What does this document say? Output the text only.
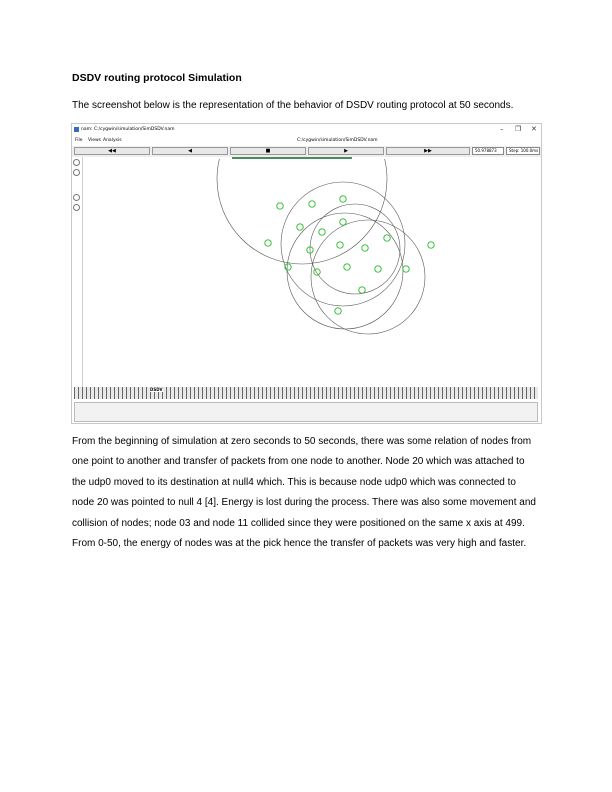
DSDV routing protocol Simulation
The screenshot below is the representation of the behavior of DSDV routing protocol at 50 seconds.
nam: C:/cygwin/simulation/SimDSDV.nam	– ❐ ✕
File Views Analysis	C:/cygwin/simulation/SimDSDV.nam
◀◀	◀	■	▶	▶▶	50.978873	Step: 100.0ms
DSDV
From the beginning of simulation at zero seconds to 50 seconds, there was some relation of nodes from
one point to another and transfer of packets from one node to another. Node 20 which was attached to
the udp0 moved to its destination at null4 which. This is because node udp0 which was connected to
node 20 was pointed to null 4 [4]. Energy is lost during the process. There was also some movement and
collision of nodes; node 03 and node 11 collided since they were positioned on the same x axis at 499.
From 0-50, the energy of nodes was at the pick hence the transfer of packets was very high and faster.
